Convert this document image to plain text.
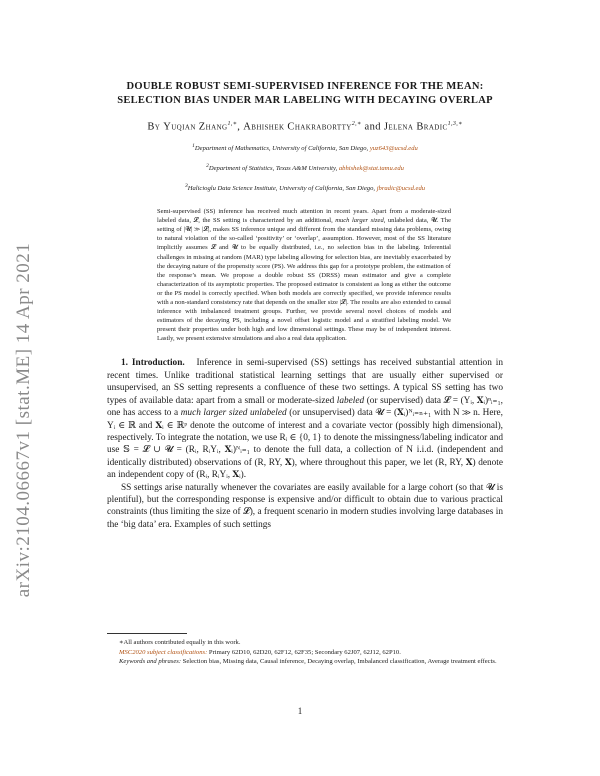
arXiv:2104.06667v1 [stat.ME] 14 Apr 2021
DOUBLE ROBUST SEMI-SUPERVISED INFERENCE FOR THE MEAN:
SELECTION BIAS UNDER MAR LABELING WITH DECAYING OVERLAP
By Yuqian Zhang$^{1,∗}$, Abhishek Chakrabortty$^{2,∗}$ and Jelena Bradic$^{1,3,∗}$
$^1$Department of Mathematics, University of California, San Diego, yuz643@ucsd.edu
$^2$Department of Statistics, Texas A&M University, abhishek@stat.tamu.edu
$^3$Halicioglu Data Science Institute, University of California, San Diego, jbradic@ucsd.edu
Semi-supervised (SS) inference has received much attention in recent years. Apart from a moderate-sized labeled data, 𝓛, the SS setting is characterized by an additional, much larger sized, unlabeled data, 𝓤. The setting of |𝓤| ≫ |𝓛|, makes SS inference unique and different from the standard missing data problems, owing to natural violation of the so-called ‘positivity’ or ‘overlap’, assumption. However, most of the SS literature implicitly assumes 𝓛 and 𝓤 to be equally distributed, i.e., no selection bias in the labeling. Inferential challenges in missing at random (MAR) type labeling allowing for selection bias, are inevitably exacerbated by the decaying nature of the propensity score (PS). We address this gap for a prototype problem, the estimation of the response’s mean. We propose a double robust SS (DRSS) mean estimator and give a complete characterization of its asymptotic properties. The proposed estimator is consistent as long as either the outcome or the PS model is correctly specified. When both models are correctly specified, we provide inference results with a non-standard consistency rate that depends on the smaller size |𝓛|. The results are also extended to causal inference with imbalanced treatment groups. Further, we provide several novel choices of models and estimators of the decaying PS, including a novel offset logistic model and a stratified labeling model. We present their properties under both high and low dimensional settings. These may be of independent interest. Lastly, we present extensive simulations and also a real data application.

1. Introduction. Inference in semi-supervised (SS) settings has received substantial attention in recent times. Unlike traditional statistical learning settings that are usually either supervised or unsupervised, an SS setting represents a confluence of these two settings. A typical SS setting has two types of available data: apart from a small or moderate-sized labeled (or supervised) data 𝓛 = (Yᵢ, 𝐗ᵢ)ⁿᵢ₌₁, one has access to a much larger sized unlabeled (or unsupervised) data 𝓤 = (𝐗ᵢ)ᴺᵢ₌ₙ₊₁ with N ≫ n. Here, Yᵢ ∈ ℝ and 𝐗ᵢ ∈ ℝᵖ denote the outcome of interest and a covariate vector (possibly high dimensional), respectively. To integrate the notation, we use Rᵢ ∈ {0, 1} to denote the missingness/labeling indicator and use 𝕊 = 𝓛 ∪ 𝓤 = (Rᵢ, RᵢYᵢ, 𝐗ᵢ)ᴺᵢ₌₁ to denote the full data, a collection of N i.i.d. (independent and identically distributed) observations of (R, RY, 𝐗), where throughout this paper, we let (R, RY, 𝐗) denote an independent copy of (Rᵢ, RᵢYᵢ, 𝐗ᵢ).

SS settings arise naturally whenever the covariates are easily available for a large cohort (so that 𝓤 is plentiful), but the corresponding response is expensive and/or difficult to obtain due to various practical constraints (thus limiting the size of 𝓛), a frequent scenario in modern studies involving large databases in the ‘big data’ era. Examples of such settings

∗All authors contributed equally in this work.
MSC2020 subject classifications: Primary 62D10, 62D20, 62F12, 62F35; Secondary 62J07, 62J12, 62P10.
Keywords and phrases: Selection bias, Missing data, Causal inference, Decaying overlap, Imbalanced classification, Average treatment effects.
1
